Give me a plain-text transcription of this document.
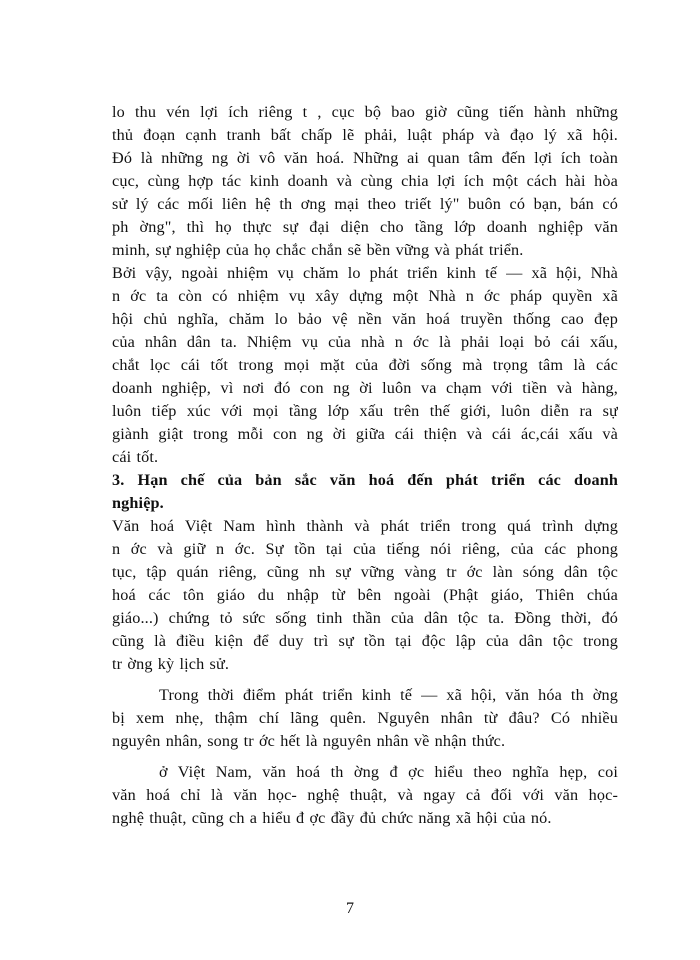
lo thu vén lợi ích riêng t , cục bộ bao giờ cũng tiến hành những
thủ đoạn cạnh tranh bất chấp lẽ phải, luật pháp và đạo lý xã hội.
Đó là những ng ời vô văn hoá. Những ai quan tâm đến lợi ích toàn
cục, cùng hợp tác kinh doanh và cùng chia lợi ích một cách hài hòa
sử lý các mối liên hệ th ơng mại theo triết lý" buôn có bạn, bán có
ph ờng", thì họ thực sự đại diện cho tầng lớp doanh nghiệp văn
minh, sự nghiệp của họ chắc chắn sẽ bền vững và phát triển.
Bởi vậy, ngoài nhiệm vụ chăm lo phát triển kinh tế — xã hội, Nhà
n ớc ta còn có nhiệm vụ xây dựng một Nhà n ớc pháp quyền xã
hội chủ nghĩa, chăm lo bảo vệ nền văn hoá truyền thống cao đẹp
của nhân dân ta. Nhiệm vụ của nhà n ớc là phải loại bỏ cái xấu,
chắt lọc cái tốt trong mọi mặt của đời sống mà trọng tâm là các
doanh nghiệp, vì nơi đó con ng ời luôn va chạm với tiền và hàng,
luôn tiếp xúc với mọi tầng lớp xấu trên thế giới, luôn diễn ra sự
giành giật trong mỗi con ng ời giữa cái thiện và cái ác,cái xấu và
cái tốt.
3. Hạn chế của bản sắc văn hoá đến phát triển các doanh
nghiệp.
Văn hoá Việt Nam hình thành và phát triển trong quá trình dựng
n ớc và giữ n ớc. Sự tồn tại của tiếng nói riêng, của các phong
tục, tập quán riêng, cũng nh sự vững vàng tr ớc làn sóng dân tộc
hoá các tôn giáo du nhập từ bên ngoài (Phật giáo, Thiên chúa
giáo...) chứng tỏ sức sống tinh thần của dân tộc ta. Đồng thời, đó
cũng là điều kiện để duy trì sự tồn tại độc lập của dân tộc trong
tr ờng kỳ lịch sử.
Trong thời điểm phát triển kinh tế — xã hội, văn hóa th ờng
bị xem nhẹ, thậm chí lãng quên. Nguyên nhân từ đâu? Có nhiều
nguyên nhân, song tr ớc hết là nguyên nhân về nhận thức.
ở Việt Nam, văn hoá th ờng đ ợc hiểu theo nghĩa hẹp, coi
văn hoá chỉ là văn học- nghệ thuật, và ngay cả đối với văn học-
nghệ thuật, cũng ch a hiểu đ ợc đầy đủ chức năng xã hội của nó.
7
